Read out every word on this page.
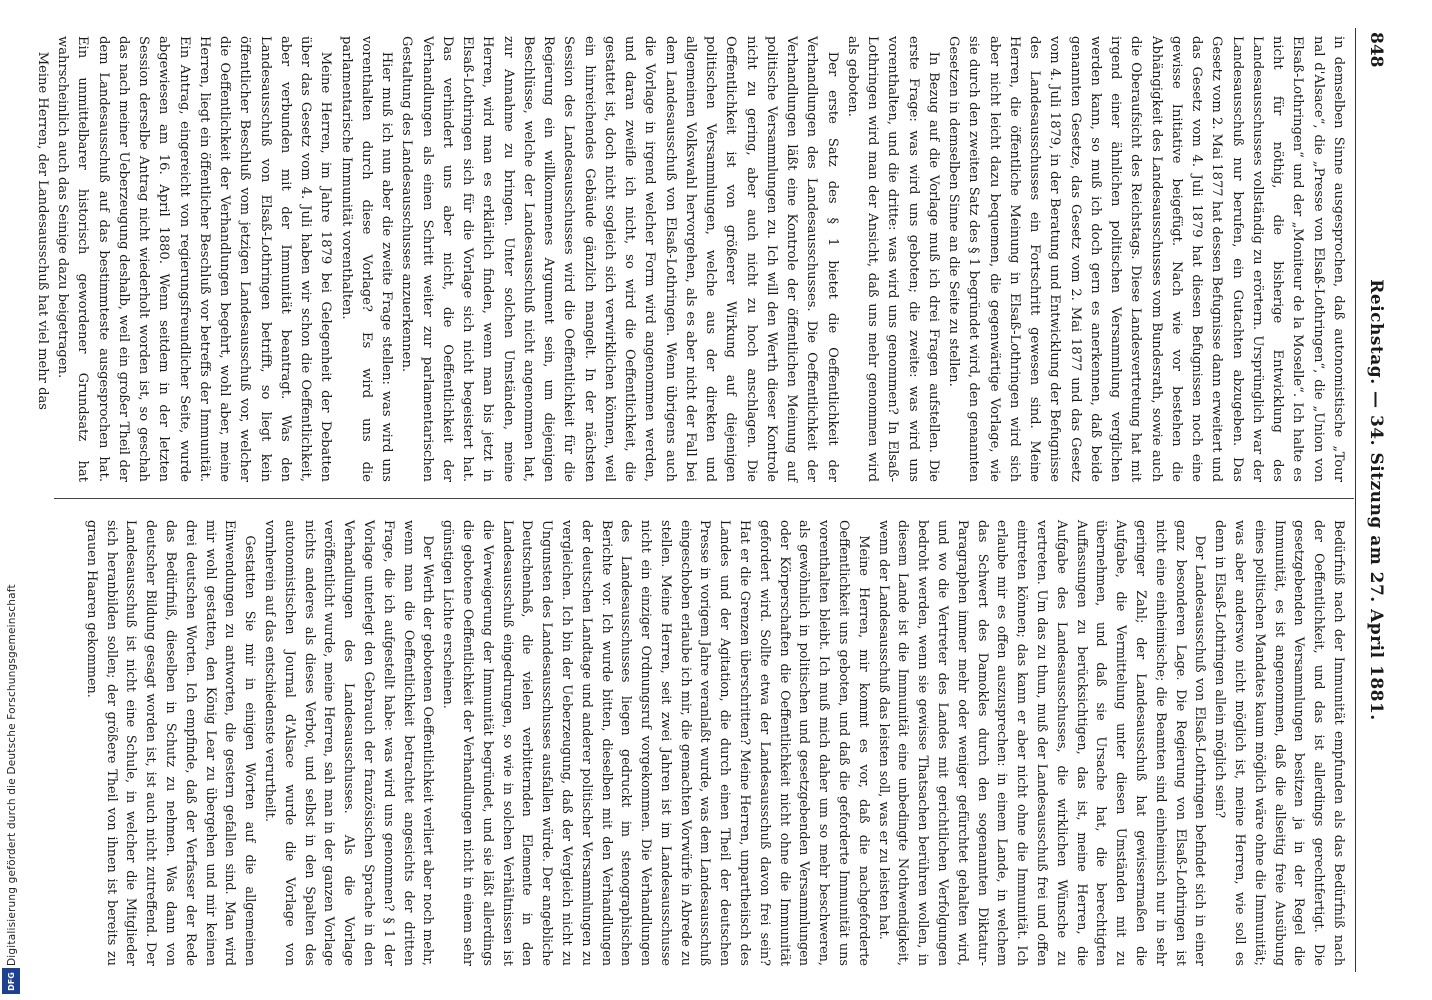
Digitalisierung gefördert durch die Deutsche Forschungsgemeinschaft
DFG
848
Reichstag. — 34. Sitzung am 27. April 1881.

in demselben Sinne ausgesprochen, daß autonomistische „Tour nal d'Alsace“, die „Presse von Elsaß-Lothringen“, die „Union von Elsaß-Lothringen“ und der „Moniteur de la Moselle“. Ich halte es nicht für nöthig, die bisherige Entwicklung des Landesausschusses vollständig zu erörtern. Ursprünglich war der Landesausschuß nur berufen, ein Gutachten abzugeben. Das Gesetz vom 2. Mai 1877 hat dessen Befugnisse dann erweitert und das Gesetz vom 4. Juli 1879 hat diesen Befugnissen noch eine gewisse Initiative beigefügt. Nach wie vor bestehen die Abhängigkeit des Landesausschusses vom Bundesrath, sowie auch die Oberaufsicht des Reichstags. Diese Landesvertretung hat mit irgend einer ähnlichen politischen Versammlung verglichen werden kann, so muß ich doch gern es anerkennen, daß beide genannten Gesetze, das Gesetz vom 2. Mai 1877 und das Gesetz vom 4. Juli 1879, in der Beratung und Entwicklung der Befugnisse des Landesausschusses ein Fortschritt gewesen sind. Meine Herren, die öffentliche Meinung in Elsaß-Lothringen wird sich aber nicht leicht dazu bequemen, die gegenwärtige Vorlage, wie sie durch den zweiten Satz des § 1 begründet wird, den genannten Gesetzen in demselben Sinne an die Seite zu stellen.

In Bezug auf die Vorlage muß ich drei Fragen aufstellen. Die erste Frage: was wird uns geboten; die zweite: was wird uns vorenthalten, und die dritte: was wird uns genommen? In Elsaß-Lothringen wird man der Ansicht, daß uns mehr genommen wird als geboten.

Der erste Satz des § 1 bietet die Oeffentlichkeit der Verhandlungen des Landesausschusses. Die Oeffentlichkeit der Verhandlungen läßt eine Kontrole der öffentlichen Meinung auf politische Versammlungen zu. Ich will den Werth dieser Kontrole nicht zu gering, aber auch nicht zu hoch anschlagen. Die Oeffentlichkeit ist von größerer Wirkung auf diejenigen politischen Versammlungen, welche aus der direkten und allgemeinen Volkswahl hervorgehen, als es aber nicht der Fall bei dem Landesausschuß von Elsaß-Lothringen. Wenn übrigens auch die Vorlage in irgend welcher Form wird angenommen werden, und daran zweifle ich nicht, so wird die Oeffentlichkeit, die gestattet ist, doch nicht sogleich sich verwirklichen können, weil ein hinreichendes Gebäude gänzlich mangelt. In der nächsten Session des Landesausschusses wird die Oeffentlichkeit für die Regierung ein willkommenes Argument sein, um diejenigen Beschlüsse, welche der Landesausschuß nicht angenommen hat, zur Annahme zu bringen. Unter solchen Umständen, meine Herren, wird man es erklärlich finden, wenn man bis jetzt in Elsaß-Lothringen sich für die Vorlage sich nicht begeistert hat. Das verhindert uns aber nicht, die Oeffentlichkeit der Verhandlungen als einen Schritt weiter zur parlamentarischen Gestaltung des Landesausschusses anzuerkennen.

Hier muß ich nun aber die zweite Frage stellen: was wird uns vorenthalten durch diese Vorlage? Es wird uns die parlamentarische Immunität vorenthalten.

Meine Herren, im Jahre 1879 bei Gelegenheit der Debatten über das Gesetz vom 4. Juli haben wir schon die Oeffentlichkeit, aber verbunden mit der Immunität beantragt. Was den Landesausschuß von Elsaß-Lothringen betrifft, so liegt kein öffentlicher Beschluß vom jetzigen Landesausschuß vor, welcher die Oeffentlichkeit der Verhandlungen begehrt, wohl aber, meine Herren, liegt ein öffentlicher Beschluß vor betreffs der Immunität. Ein Antrag, eingereicht von regierungsfreundlicher Seite, wurde abgewiesen am 16. April 1880. Wenn seitdem in der letzten Session derselbe Antrag nicht wiederholt worden ist, so geschah das nach meiner Ueberzeugung deshalb, weil ein großer Theil der dem Landesausschuß auf das bestimmteste ausgesprochen hat. Ein unmittelbarer historisch gewordener Grundsatz hat wahrscheinlich auch das Seinige dazu beigetragen.

Meine Herren, der Landesausschuß hat viel mehr das

Bedürfniß nach der Immunität empfunden als das Bedürfniß nach der Oeffentlichkeit, und das ist allerdings gerechtfertigt. Die gesetzgebenden Versammlungen besitzen ja in der Regel die Immunität, es ist angenommen, daß die allseitig freie Ausübung eines politischen Mandates kaum möglich wäre ohne die Immunität; was aber anderswo nicht möglich ist, meine Herren, wie soll es denn in Elsaß-Lothringen allein möglich sein?

Der Landesausschuß von Elsaß-Lothringen befindet sich in einer ganz besonderen Lage. Die Regierung von Elsaß-Lothringen ist nicht eine einheimische; die Beamten sind einheimisch nur in sehr geringer Zahl; der Landesausschuß hat gewissermaßen die Aufgabe, die Vermittelung unter diesen Umständen mit zu übernehmen, und daß sie Ursache hat, die berechtigten Auffassungen zu berücksichtigen, das ist, meine Herren, die Aufgabe des Landesausschusses, die wirklichen Wünsche zu vertreten. Um das zu thun, muß der Landesausschuß frei und offen eintreten können; das kann er aber nicht ohne die Immunität. Ich erlaube mir es offen auszusprechen: in einem Lande, in welchem das Schwert des Damokles durch den sogenannten Diktatur-Paragraphen immer mehr oder weniger gefürchtet gehalten wird, und wo die Vertreter des Landes mit gerichtlichen Verfolgungen bedroht werden, wenn sie gewisse Thatsachen berühren wollen, in diesem Lande ist die Immunität eine unbedingte Nothwendigkeit, wenn der Landesausschuß das leisten soll, was er zu leisten hat.

Meine Herren, mir kommt es vor, daß die nachgeforderte Oeffentlichkeit uns geboten, und daß die geforderte Immunität uns vorenthalten bleibt. Ich muß mich daher um so mehr beschweren, als gewöhnlich in politischen und gesetzgebenden Versammlungen oder Körperschaften die Oeffentlichkeit nicht ohne die Immunität gefordert wird. Sollte etwa der Landesausschuß davon frei sein? Hat er die Grenzen überschritten? Meine Herren, unpartheiisch des Landes und der Agitation, die durch einen Theil der deutschen Presse in vorigem Jahre veranlaßt wurde, was dem Landesausschuß eingeschoben erlaube ich mir, die gemachten Vorwürfe in Abrede zu stellen. Meine Herren, seit zwei Jahren ist im Landesausschusse nicht ein einziger Ordnungsruf vorgekommen. Die Verhandlungen des Landesausschusses liegen gedruckt im stenographischen Berichte vor. Ich wurde bitten, dieselben mit den Verhandlungen der deutschen Landtage und anderer politischer Versammlungen zu vergleichen. Ich bin der Ueberzeugung, daß der Vergleich nicht zu Ungunsten des Landesausschusses ausfallen würde. Der angebliche Deutschenhaß, die vielen verbitternden Elemente in den Landesausschuß eingedrungen, so wie in solchen Verhältnissen ist die Verweigerung der Immunität begründet, und sie läßt allerdings die gebotene Oeffentlichkeit der Verhandlungen nicht in einem sehr günstigen Lichte erscheinen.

Der Werth der gebotenen Oeffentlichkeit verliert aber noch mehr, wenn man die Oeffentlichkeit betrachtet angesichts der dritten Frage, die ich aufgestellt habe: was wird uns genommen? § 1 der Vorlage unterlegt den Gebrauch der französischen Sprache in den Verhandlungen des Landesausschusses. Als die Vorlage veröffentlicht wurde, meine Herren, sah man in der ganzen Vorlage nichts anderes als dieses Verbot, und selbst in den Spalten des autonomistischen Journal d'Alsace wurde die Vorlage von vornherein auf das entschiedenste verurtheilt.

Gestatten Sie mir in einigen Worten auf die allgemeinen Einwendungen zu antworten, die gestern gefallen sind. Man wird mir wohl gestatten, den König Lear zu übergehen und mir keinen drei deutschen Worten. Ich empfinde, daß der Verfasser der Rede das Bedürfniß, dieselben in Schutz zu nehmen. Was dann von deutscher Bildung gesagt worden ist, ist auch nicht zutreffend. Der Landesausschuß ist nicht eine Schule, in welcher die Mitglieder sich heranbilden sollen; der größere Theil von ihnen ist bereits zu grauen Haaren gekommen.
